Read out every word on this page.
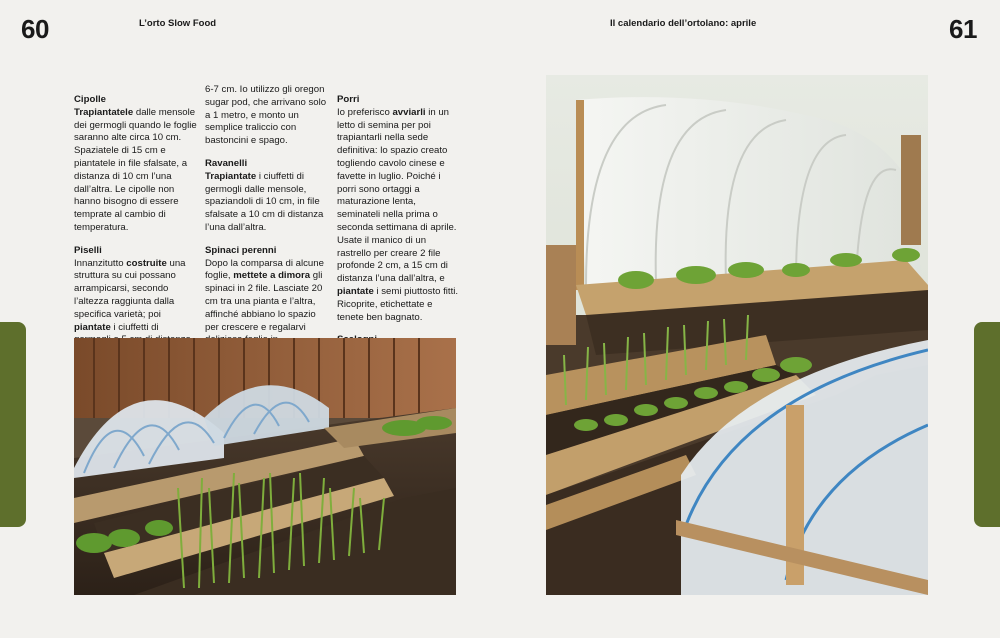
60	L’orto Slow Food	Il calendario dell’ortolano: aprile	61

Cipolle
Trapiantatele dalle mensole dei germogli quando le foglie saranno alte circa 10 cm. Spaziatele di 15 cm e piantatele in file sfalsate, a distanza di 10 cm l’una dall’altra. Le cipolle non hanno bisogno di essere temprate al cambio di temperatura.

Piselli
Innanzitutto costruite una struttura su cui possano arrampicarsi, secondo l’altezza raggiunta dalla specifica varietà; poi piantate i ciuffetti di

6-7 cm. Io utilizzo gli oregon sugar pod, che arrivano solo a 1 metro, e monto un semplice traliccio con bastoncini e spago.

Ravanelli
Trapiantate i ciuffetti di germogli dalle mensole, spaziandoli di 10 cm, in file sfalsate a 10 cm di distanza l’una dall’altra.

Spinaci perenni
Dopo la comparsa di alcune foglie, mettete a dimora gli spinaci in 2 file. Lasciate 20 cm tra una pianta e l’altra, affinché abbiano lo spazio per crescere e regalarvi

Porri
Io preferisco avviarli in un letto di semina per poi trapiantarli nella sede definitiva: lo spazio creato togliendo cavolo cinese e favette in luglio. Poiché i porri sono ortaggi a maturazione lenta, seminateli nella prima o seconda settimana di aprile. Usate il manico di un rastrello per creare 2 file profonde 2 cm, a 15 cm di distanza l’una dall’altra, e piantate i semi piuttosto fitti. Ricoprite, etichettate e tenete ben bagnato.
